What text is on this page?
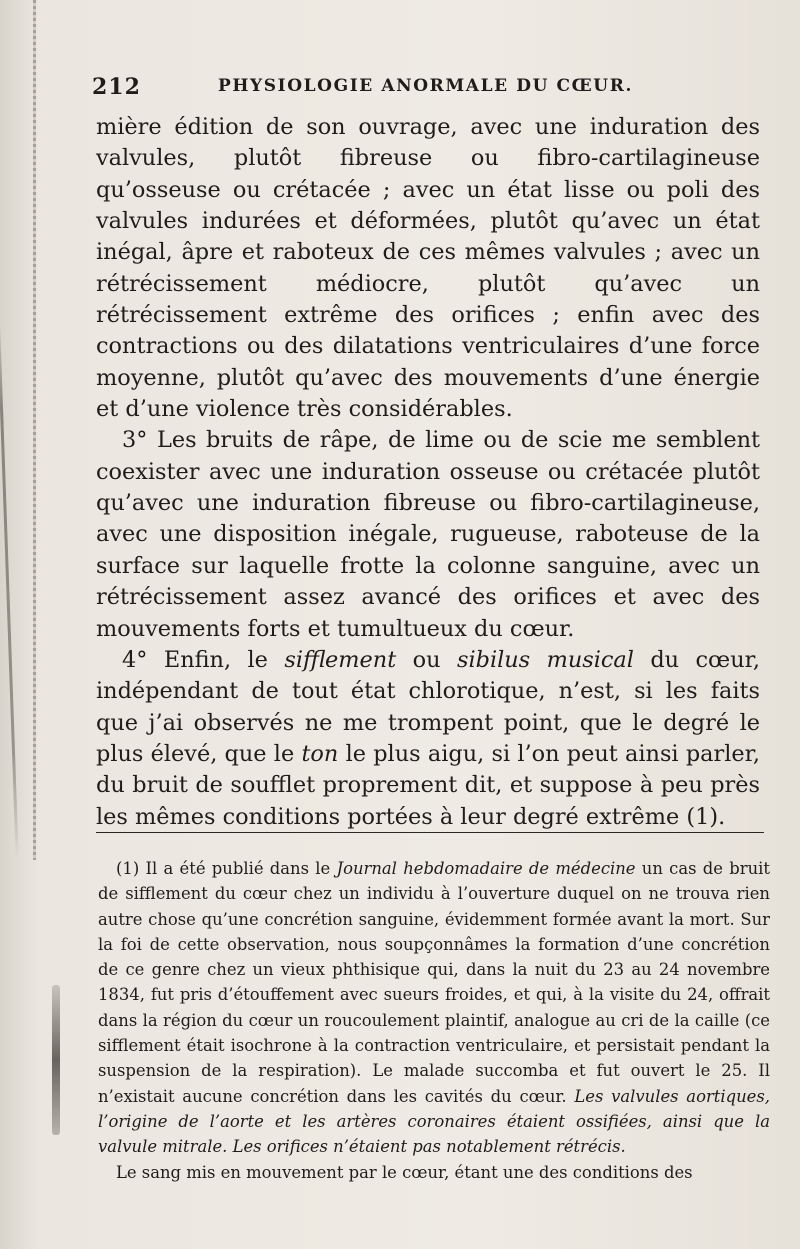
212	PHYSIOLOGIE ANORMALE DU CŒUR.

mière édition de son ouvrage, avec une induration des valvules, plutôt fibreuse ou fibro-cartilagineuse qu’osseuse ou crétacée ; avec un état lisse ou poli des valvules indurées et déformées, plutôt qu’avec un état inégal, âpre et raboteux de ces mêmes valvules ; avec un rétrécissement médiocre, plutôt qu’avec un rétrécissement extrême des orifices ; enfin avec des contractions ou des dilatations ventriculaires d’une force moyenne, plutôt qu’avec des mouvements d’une énergie et d’une violence très considérables.

3° Les bruits de râpe, de lime ou de scie me semblent coexister avec une induration osseuse ou crétacée plutôt qu’avec une induration fibreuse ou fibro-cartilagineuse, avec une disposition inégale, rugueuse, raboteuse de la surface sur laquelle frotte la colonne sanguine, avec un rétrécissement assez avancé des orifices et avec des mouvements forts et tumultueux du cœur.

4° Enfin, le sifflement ou sibilus musical du cœur, indépendant de tout état chlorotique, n’est, si les faits que j’ai observés ne me trompent point, que le degré le plus élevé, que le ton le plus aigu, si l’on peut ainsi parler, du bruit de soufflet proprement dit, et suppose à peu près les mêmes conditions portées à leur degré extrême (1).

(1) Il a été publié dans le Journal hebdomadaire de médecine un cas de bruit de sifflement du cœur chez un individu à l’ouverture duquel on ne trouva rien autre chose qu’une concrétion sanguine, évidemment formée avant la mort. Sur la foi de cette observation, nous soupçonnâmes la formation d’une concrétion de ce genre chez un vieux phthisique qui, dans la nuit du 23 au 24 novembre 1834, fut pris d’étouffement avec sueurs froides, et qui, à la visite du 24, offrait dans la région du cœur un roucoulement plaintif, analogue au cri de la caille (ce sifflement était isochrone à la contraction ventriculaire, et persistait pendant la suspension de la respiration). Le malade succomba et fut ouvert le 25. Il n’existait aucune concrétion dans les cavités du cœur. Les valvules aortiques, l’origine de l’aorte et les artères coronaires étaient ossifiées, ainsi que la valvule mitrale. Les orifices n’étaient pas notablement rétrécis.

Le sang mis en mouvement par le cœur, étant une des conditions des
